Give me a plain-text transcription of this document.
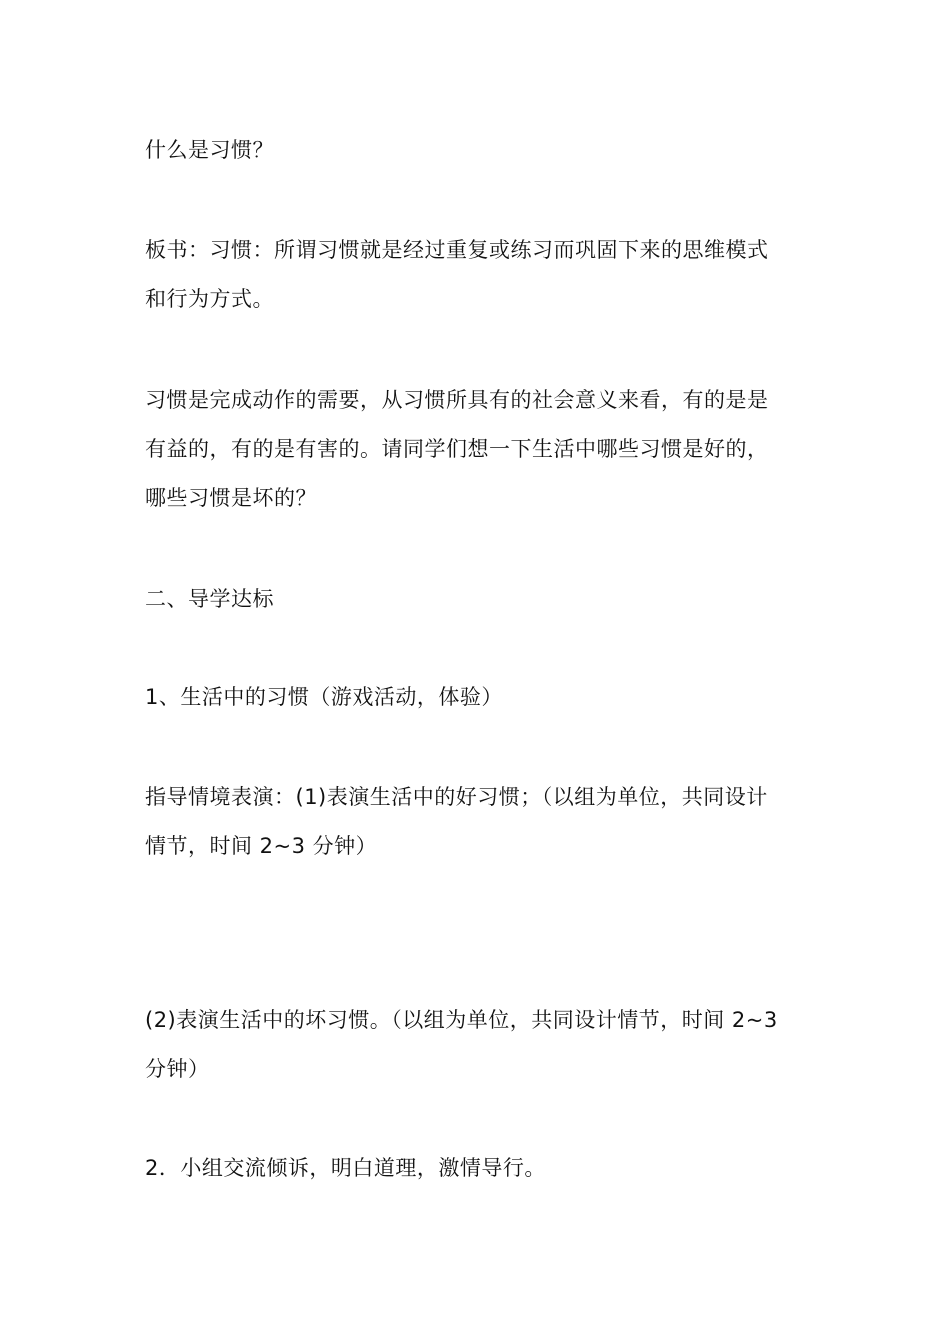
什么是习惯？

板书：习惯：所谓习惯就是经过重复或练习而巩固下来的思维模式
和行为方式。

习惯是完成动作的需要，从习惯所具有的社会意义来看，有的是是
有益的，有的是有害的。请同学们想一下生活中哪些习惯是好的，
哪些习惯是坏的？

二、导学达标

1、生活中的习惯（游戏活动，体验）

指导情境表演：(1)表演生活中的好习惯；（以组为单位，共同设计
情节，时间 2~3 分钟）

(2)表演生活中的坏习惯。（以组为单位，共同设计情节，时间 2~3
分钟）

2．小组交流倾诉，明白道理，激情导行。
